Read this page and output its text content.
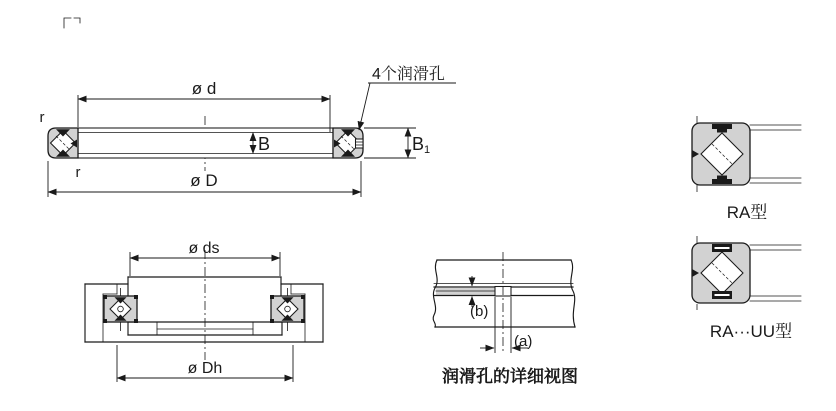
ø d
ø D
B	B1
r
r
4个润滑孔
ø ds
ø Dh
(a)
(b)
润滑孔的详细视图
RA型
RA···UU型
